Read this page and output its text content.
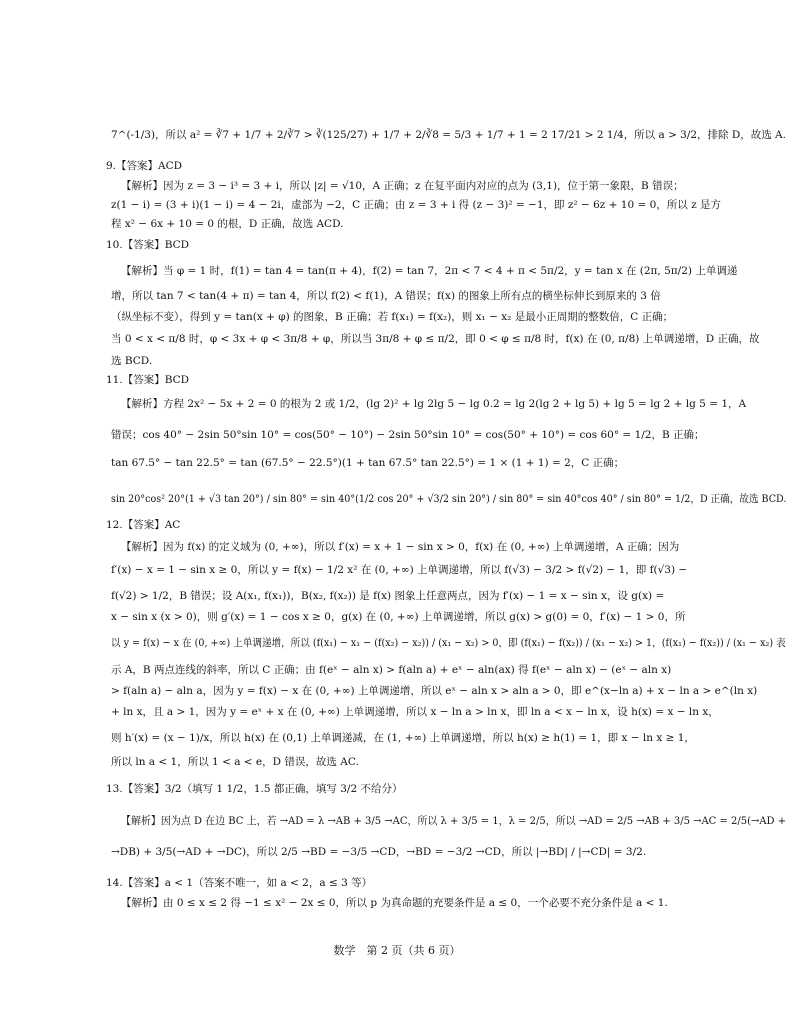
7^(-1/3)，所以 a² = ∛7 + 1/7 + 2/∛7 > ∛(125/27) + 1/7 + 2/∛8 = 5/3 + 1/7 + 1 = 2 17/21 > 2 1/4，所以 a > 3/2，排除 D，故选 A.
9.【答案】ACD
【解析】因为 z = 3 − i³ = 3 + i，所以 |z| = √10，A 正确；z 在复平面内对应的点为 (3,1)，位于第一象限，B 错误；
z(1 − i) = (3 + i)(1 − i) = 4 − 2i，虚部为 −2，C 正确；由 z = 3 + i 得 (z − 3)² = −1，即 z² − 6z + 10 = 0，所以 z 是方
程 x² − 6x + 10 = 0 的根，D 正确，故选 ACD.
10.【答案】BCD
【解析】当 φ = 1 时，f(1) = tan 4 = tan(π + 4)，f(2) = tan 7，2π < 7 < 4 + π < 5π/2，y = tan x 在 (2π, 5π/2) 上单调递
增，所以 tan 7 < tan(4 + π) = tan 4，所以 f(2) < f(1)，A 错误；f(x) 的图象上所有点的横坐标伸长到原来的 3 倍
（纵坐标不变），得到 y = tan(x + φ) 的图象，B 正确；若 f(x₁) = f(x₂)，则 x₁ − x₂ 是最小正周期的整数倍，C 正确；
当 0 < x < π/8 时，φ < 3x + φ < 3π/8 + φ，所以当 3π/8 + φ ≤ π/2，即 0 < φ ≤ π/8 时，f(x) 在 (0, π/8) 上单调递增，D 正确，故
选 BCD.
11.【答案】BCD
【解析】方程 2x² − 5x + 2 = 0 的根为 2 或 1/2，(lg 2)² + lg 2lg 5 − lg 0.2 = lg 2(lg 2 + lg 5) + lg 5 = lg 2 + lg 5 = 1，A
错误；cos 40° − 2sin 50°sin 10° = cos(50° − 10°) − 2sin 50°sin 10° = cos(50° + 10°) = cos 60° = 1/2，B 正确；
tan 67.5° − tan 22.5° = tan (67.5° − 22.5°)(1 + tan 67.5° tan 22.5°) = 1 × (1 + 1) = 2，C 正确；
sin 20°cos² 20°(1 + √3 tan 20°) / sin 80° = sin 40°(1/2 cos 20° + √3/2 sin 20°) / sin 80° = sin 40°cos 40° / sin 80° = 1/2，D 正确，故选 BCD.
12.【答案】AC
【解析】因为 f(x) 的定义域为 (0, +∞)，所以 f′(x) = x + 1 − sin x > 0，f(x) 在 (0, +∞) 上单调递增，A 正确；因为
f′(x) − x = 1 − sin x ≥ 0，所以 y = f(x) − 1/2 x² 在 (0, +∞) 上单调递增，所以 f(√3) − 3/2 > f(√2) − 1，即 f(√3) −
f(√2) > 1/2，B 错误；设 A(x₁, f(x₁))，B(x₂, f(x₂)) 是 f(x) 图象上任意两点，因为 f′(x) − 1 = x − sin x，设 g(x) =
x − sin x (x > 0)，则 g′(x) = 1 − cos x ≥ 0，g(x) 在 (0, +∞) 上单调递增，所以 g(x) > g(0) = 0，f′(x) − 1 > 0，所
以 y = f(x) − x 在 (0, +∞) 上单调递增，所以 (f(x₁) − x₁ − (f(x₂) − x₂)) / (x₁ − x₂) > 0，即 (f(x₁) − f(x₂)) / (x₁ − x₂) > 1，(f(x₁) − f(x₂)) / (x₁ − x₂) 表
示 A，B 两点连线的斜率，所以 C 正确；由 f(eˣ − aln x) > f(aln a) + eˣ − aln(ax) 得 f(eˣ − aln x) − (eˣ − aln x)
> f(aln a) − aln a，因为 y = f(x) − x 在 (0, +∞) 上单调递增，所以 eˣ − aln x > aln a > 0，即 e^(x−ln a) + x − ln a > e^(ln x)
+ ln x，且 a > 1，因为 y = eˣ + x 在 (0, +∞) 上单调递增，所以 x − ln a > ln x，即 ln a < x − ln x，设 h(x) = x − ln x，
则 h′(x) = (x − 1)/x，所以 h(x) 在 (0,1) 上单调递减，在 (1, +∞) 上单调递增，所以 h(x) ≥ h(1) = 1，即 x − ln x ≥ 1，
所以 ln a < 1，所以 1 < a < e，D 错误，故选 AC.
13.【答案】3/2（填写 1 1/2，1.5 都正确，填写 3/2 不给分）
【解析】因为点 D 在边 BC 上，若 →AD = λ →AB + 3/5 →AC，所以 λ + 3/5 = 1，λ = 2/5，所以 →AD = 2/5 →AB + 3/5 →AC = 2/5(→AD +
→DB) + 3/5(→AD + →DC)，所以 2/5 →BD = −3/5 →CD，→BD = −3/2 →CD，所以 |→BD| / |→CD| = 3/2.
14.【答案】a < 1（答案不唯一，如 a < 2，a ≤ 3 等）
【解析】由 0 ≤ x ≤ 2 得 −1 ≤ x² − 2x ≤ 0，所以 p 为真命题的充要条件是 a ≤ 0，一个必要不充分条件是 a < 1.
数学　第 2 页（共 6 页）
